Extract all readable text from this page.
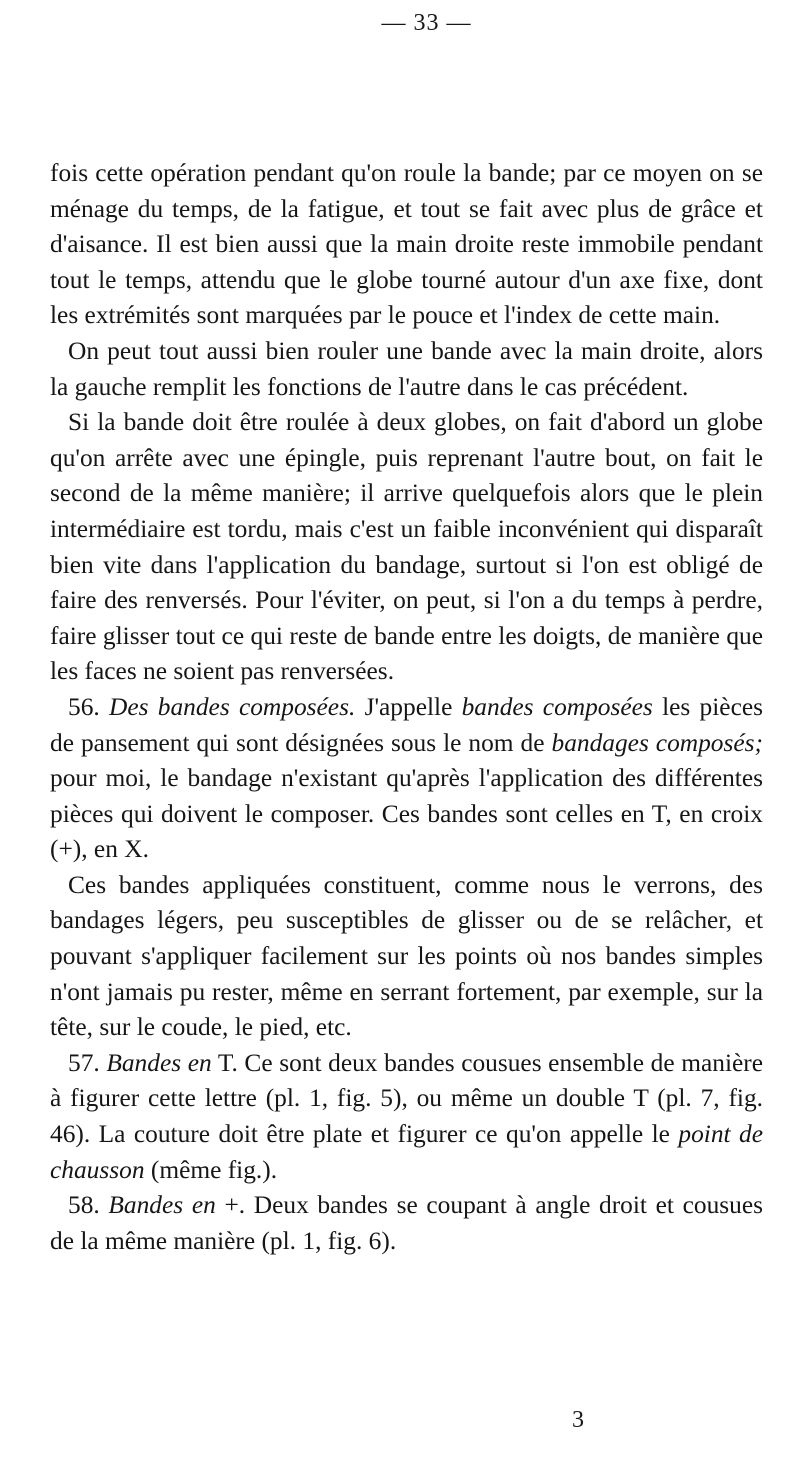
— 33 —

fois cette opération pendant qu'on roule la bande; par ce moyen on se ménage du temps, de la fatigue, et tout se fait avec plus de grâce et d'aisance. Il est bien aussi que la main droite reste immobile pendant tout le temps, attendu que le globe tourné autour d'un axe fixe, dont les extrémités sont marquées par le pouce et l'index de cette main.

On peut tout aussi bien rouler une bande avec la main droite, alors la gauche remplit les fonctions de l'autre dans le cas précédent.

Si la bande doit être roulée à deux globes, on fait d'abord un globe qu'on arrête avec une épingle, puis reprenant l'autre bout, on fait le second de la même manière; il arrive quelquefois alors que le plein intermédiaire est tordu, mais c'est un faible inconvénient qui disparaît bien vite dans l'application du bandage, surtout si l'on est obligé de faire des renversés. Pour l'éviter, on peut, si l'on a du temps à perdre, faire glisser tout ce qui reste de bande entre les doigts, de manière que les faces ne soient pas renversées.

56. Des bandes composées. J'appelle bandes composées les pièces de pansement qui sont désignées sous le nom de bandages composés; pour moi, le bandage n'existant qu'après l'application des différentes pièces qui doivent le composer. Ces bandes sont celles en T, en croix (+), en X.

Ces bandes appliquées constituent, comme nous le verrons, des bandages légers, peu susceptibles de glisser ou de se relâcher, et pouvant s'appliquer facilement sur les points où nos bandes simples n'ont jamais pu rester, même en serrant fortement, par exemple, sur la tête, sur le coude, le pied, etc.

57. Bandes en T. Ce sont deux bandes cousues ensemble de manière à figurer cette lettre (pl. 1, fig. 5), ou même un double T (pl. 7, fig. 46). La couture doit être plate et figurer ce qu'on appelle le point de chausson (même fig.).

58. Bandes en +. Deux bandes se coupant à angle droit et cousues de la même manière (pl. 1, fig. 6).

3
